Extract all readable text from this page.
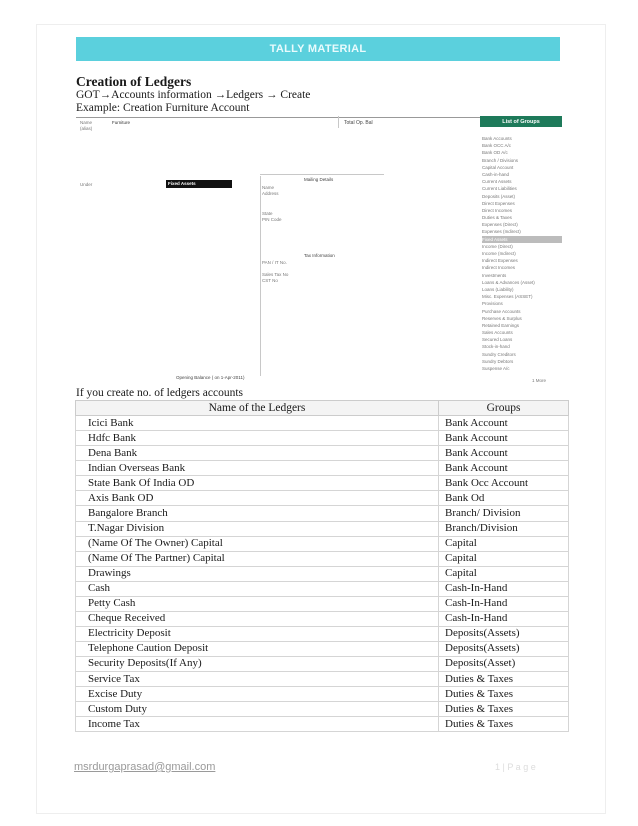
TALLY MATERIAL
Creation of Ledgers
GOT→Accounts information →Ledgers → Create
Example: Creation Furniture Account
Name	Furniture
(alias)
Total Op. Bal
Under	Fixed Assets
Mailing Details
Name
Address
State
PIN Code
Tax Information
PAN / IT No.
Sales Tax No
CST No
Opening Balance ( on 1-Apr-2011)
List of Groups
Bank Accounts
Bank OCC A/c
Bank OD A/c
Branch / Divisions
Capital Account
Cash-in-hand
Current Assets
Current Liabilities
Deposits (Asset)
Direct Expenses
Direct Incomes
Duties & Taxes
Expenses (Direct)
Expenses (Indirect)
Fixed Assets
Income (Direct)
Income (Indirect)
Indirect Expenses
Indirect Incomes
Investments
Loans & Advances (Asset)
Loans (Liability)
Misc. Expenses (ASSET)
Provisions
Purchase Accounts
Reserves & Surplus
Retained Earnings
Sales Accounts
Secured Loans
Stock-in-hand
Sundry Creditors
Sundry Debtors
Suspense A/c
1 More
If you create no. of ledgers accounts
Name of the Ledgers	Groups
Icici Bank	Bank Account
Hdfc Bank	Bank Account
Dena Bank	Bank Account
Indian Overseas Bank	Bank Account
State Bank Of India OD	Bank Occ Account
Axis Bank OD	Bank Od
Bangalore Branch	Branch/ Division
T.Nagar Division	Branch/Division
(Name Of The Owner) Capital	Capital
(Name Of The Partner) Capital	Capital
Drawings	Capital
Cash	Cash-In-Hand
Petty Cash	Cash-In-Hand
Cheque Received	Cash-In-Hand
Electricity Deposit	Deposits(Assets)
Telephone Caution Deposit	Deposits(Assets)
Security Deposits(If Any)	Deposits(Asset)
Service Tax	Duties & Taxes
Excise Duty	Duties & Taxes
Custom Duty	Duties & Taxes
Income Tax	Duties & Taxes
msrdurgaprasad@gmail.com	1 | P a g e
